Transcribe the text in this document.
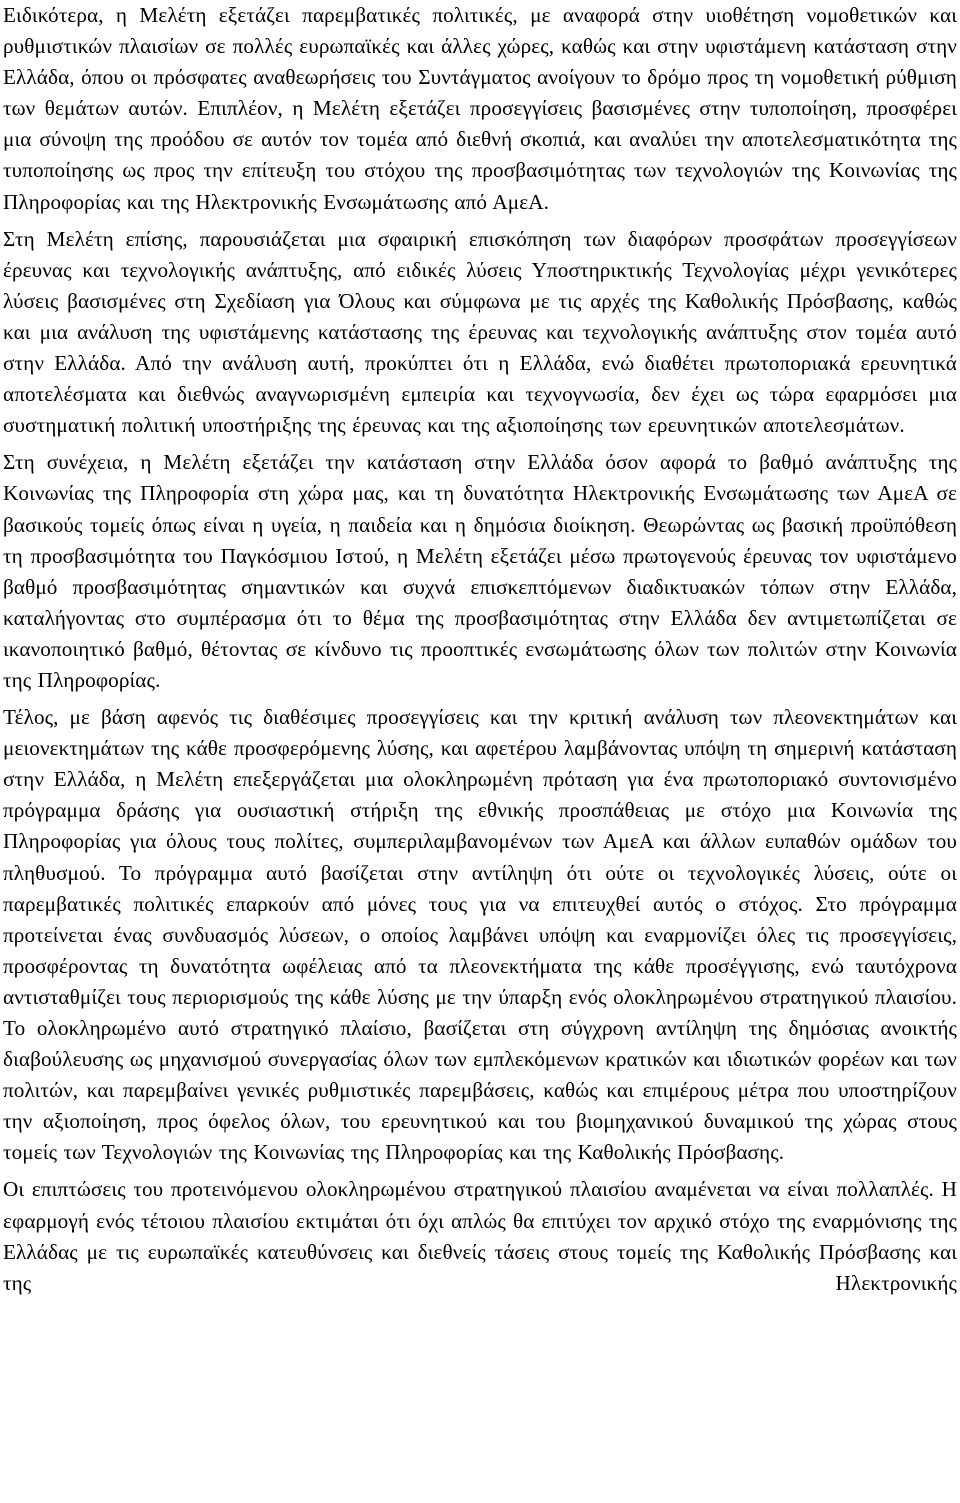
Ειδικότερα, η Μελέτη εξετάζει παρεμβατικές πολιτικές, με αναφορά στην υιοθέτηση νομοθετικών και ρυθμιστικών πλαισίων σε πολλές ευρωπαϊκές και άλλες χώρες, καθώς και στην υφιστάμενη κατάσταση στην Ελλάδα, όπου οι πρόσφατες αναθεωρήσεις του Συντάγματος ανοίγουν το δρόμο προς τη νομοθετική ρύθμιση των θεμάτων αυτών. Επιπλέον, η Μελέτη εξετάζει προσεγγίσεις βασισμένες στην τυποποίηση, προσφέρει μια σύνοψη της προόδου σε αυτόν τον τομέα από διεθνή σκοπιά, και αναλύει την αποτελεσματικότητα της τυποποίησης ως προς την επίτευξη του στόχου της προσβασιμότητας των τεχνολογιών της Κοινωνίας της Πληροφορίας και της Ηλεκτρονικής Ενσωμάτωσης από ΑμεΑ.

Στη Μελέτη επίσης, παρουσιάζεται μια σφαιρική επισκόπηση των διαφόρων προσφάτων προσεγγίσεων έρευνας και τεχνολογικής ανάπτυξης, από ειδικές λύσεις Υποστηρικτικής Τεχνολογίας μέχρι γενικότερες λύσεις βασισμένες στη Σχεδίαση για Όλους και σύμφωνα με τις αρχές της Καθολικής Πρόσβασης, καθώς και μια ανάλυση της υφιστάμενης κατάστασης της έρευνας και τεχνολογικής ανάπτυξης στον τομέα αυτό στην Ελλάδα. Από την ανάλυση αυτή, προκύπτει ότι η Ελλάδα, ενώ διαθέτει πρωτοποριακά ερευνητικά αποτελέσματα και διεθνώς αναγνωρισμένη εμπειρία και τεχνογνωσία, δεν έχει ως τώρα εφαρμόσει μια συστηματική πολιτική υποστήριξης της έρευνας και της αξιοποίησης των ερευνητικών αποτελεσμάτων.

Στη συνέχεια, η Μελέτη εξετάζει την κατάσταση στην Ελλάδα όσον αφορά το βαθμό ανάπτυξης της Κοινωνίας της Πληροφορία στη χώρα μας, και τη δυνατότητα Ηλεκτρονικής Ενσωμάτωσης των ΑμεΑ σε βασικούς τομείς όπως είναι η υγεία, η παιδεία και η δημόσια διοίκηση. Θεωρώντας ως βασική προϋπόθεση τη προσβασιμότητα του Παγκόσμιου Ιστού, η Μελέτη εξετάζει μέσω πρωτογενούς έρευνας τον υφιστάμενο βαθμό προσβασιμότητας σημαντικών και συχνά επισκεπτόμενων διαδικτυακών τόπων στην Ελλάδα, καταλήγοντας στο συμπέρασμα ότι το θέμα της προσβασιμότητας στην Ελλάδα δεν αντιμετωπίζεται σε ικανοποιητικό βαθμό, θέτοντας σε κίνδυνο τις προοπτικές ενσωμάτωσης όλων των πολιτών στην Κοινωνία της Πληροφορίας.

Τέλος, με βάση αφενός τις διαθέσιμες προσεγγίσεις και την κριτική ανάλυση των πλεονεκτημάτων και μειονεκτημάτων της κάθε προσφερόμενης λύσης, και αφετέρου λαμβάνοντας υπόψη τη σημερινή κατάσταση στην Ελλάδα, η Μελέτη επεξεργάζεται μια ολοκληρωμένη πρόταση για ένα πρωτοποριακό συντονισμένο πρόγραμμα δράσης για ουσιαστική στήριξη της εθνικής προσπάθειας με στόχο μια Κοινωνία της Πληροφορίας για όλους τους πολίτες, συμπεριλαμβανομένων των ΑμεΑ και άλλων ευπαθών ομάδων του πληθυσμού. Το πρόγραμμα αυτό βασίζεται στην αντίληψη ότι ούτε οι τεχνολογικές λύσεις, ούτε οι παρεμβατικές πολιτικές επαρκούν από μόνες τους για να επιτευχθεί αυτός ο στόχος. Στο πρόγραμμα προτείνεται ένας συνδυασμός λύσεων, ο οποίος λαμβάνει υπόψη και εναρμονίζει όλες τις προσεγγίσεις, προσφέροντας τη δυνατότητα ωφέλειας από τα πλεονεκτήματα της κάθε προσέγγισης, ενώ ταυτόχρονα αντισταθμίζει τους περιορισμούς της κάθε λύσης με την ύπαρξη ενός ολοκληρωμένου στρατηγικού πλαισίου. Το ολοκληρωμένο αυτό στρατηγικό πλαίσιο, βασίζεται στη σύγχρονη αντίληψη της δημόσιας ανοικτής διαβούλευσης ως μηχανισμού συνεργασίας όλων των εμπλεκόμενων κρατικών και ιδιωτικών φορέων και των πολιτών, και παρεμβαίνει γενικές ρυθμιστικές παρεμβάσεις, καθώς και επιμέρους μέτρα που υποστηρίζουν την αξιοποίηση, προς όφελος όλων, του ερευνητικού και του βιομηχανικού δυναμικού της χώρας στους τομείς των Τεχνολογιών της Κοινωνίας της Πληροφορίας και της Καθολικής Πρόσβασης.

Οι επιπτώσεις του προτεινόμενου ολοκληρωμένου στρατηγικού πλαισίου αναμένεται να είναι πολλαπλές. Η εφαρμογή ενός τέτοιου πλαισίου εκτιμάται ότι όχι απλώς θα επιτύχει τον αρχικό στόχο της εναρμόνισης της Ελλάδας με τις ευρωπαϊκές κατευθύνσεις και διεθνείς τάσεις στους τομείς της Καθολικής Πρόσβασης και της Ηλεκτρονικής
